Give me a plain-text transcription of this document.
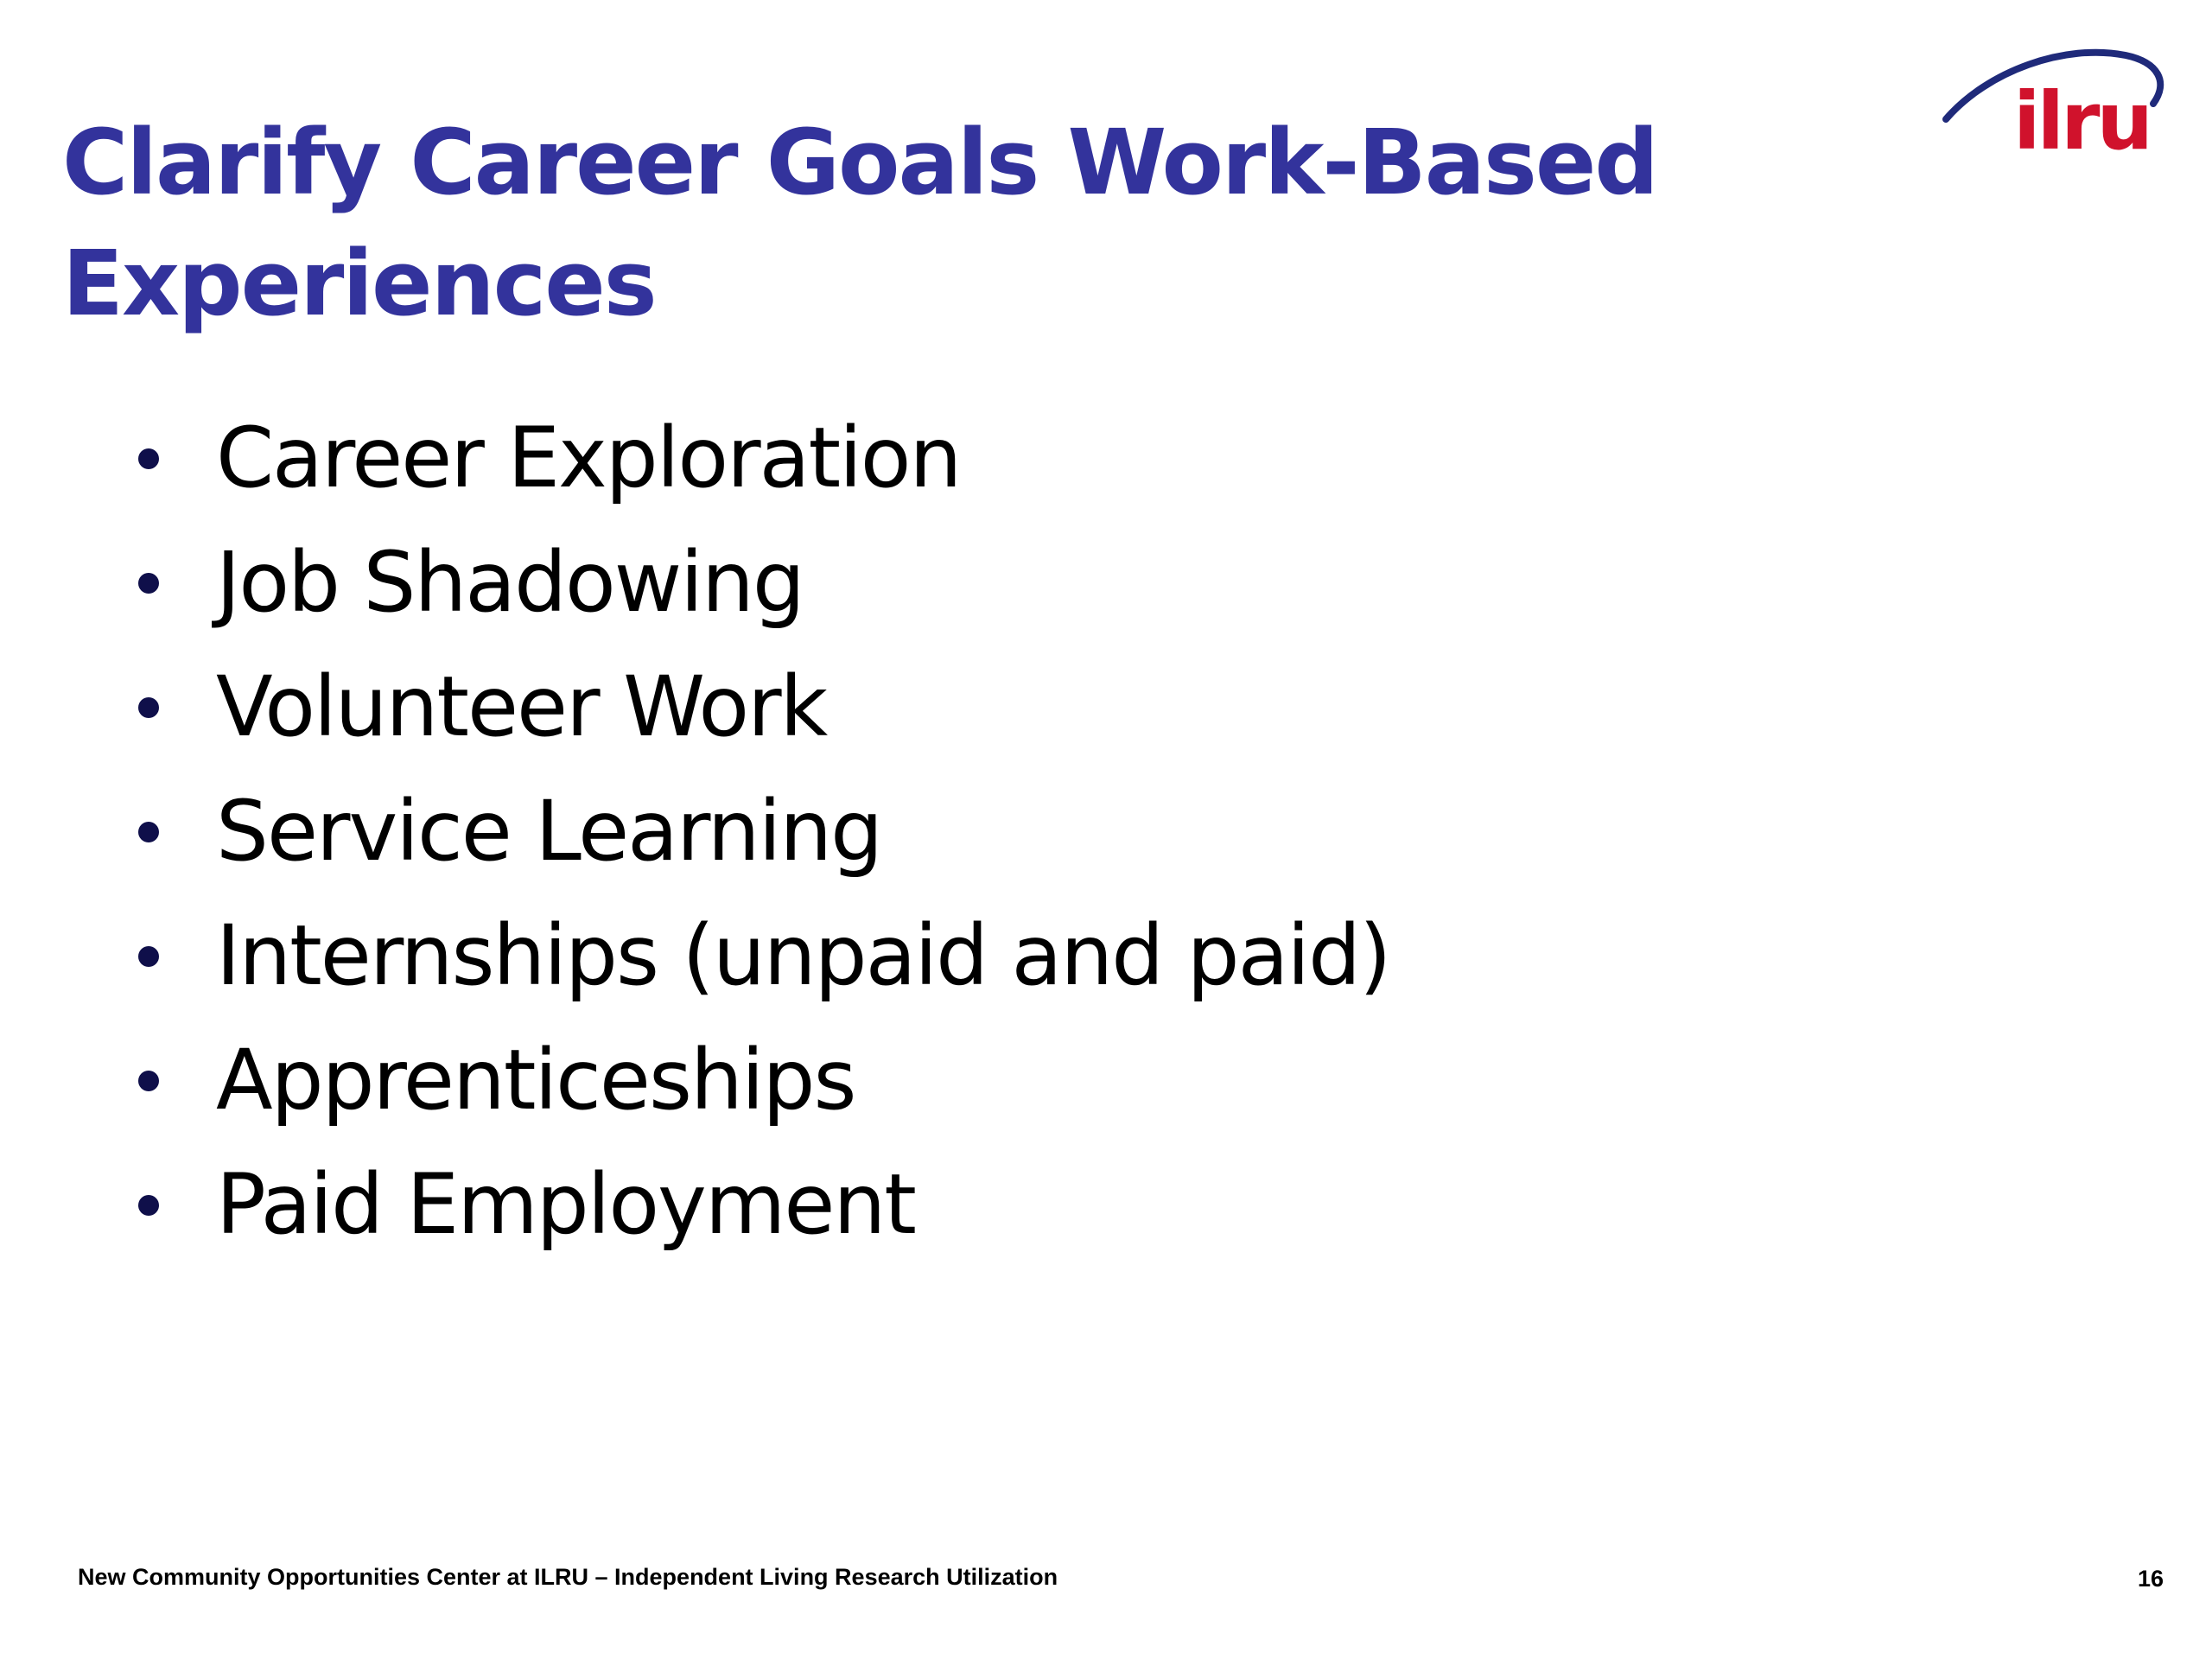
Clarify Career Goals Work-Based
Experiences
ilru
Career Exploration
Job Shadowing
Volunteer Work
Service Learning
Internships (unpaid and paid)
Apprenticeships
Paid Employment
New Community Opportunities Center at ILRU – Independent Living Research Utilization	16
